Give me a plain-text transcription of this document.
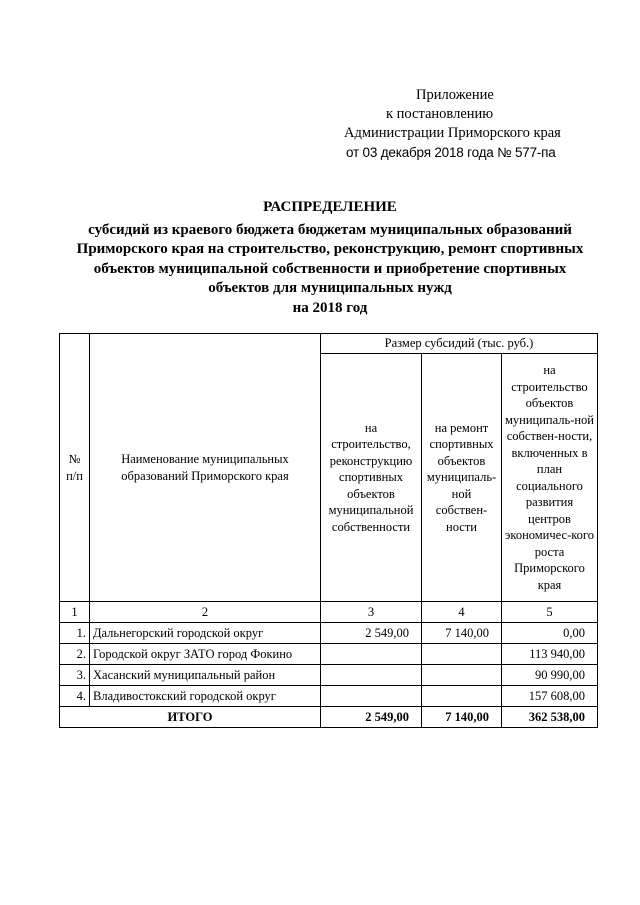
Приложение
к постановлению
Администрации Приморского края
от 03 декабря 2018 года № 577-па
РАСПРЕДЕЛЕНИЕ
субсидий из краевого бюджета бюджетам муниципальных образований
Приморского края на строительство, реконструкцию, ремонт спортивных
объектов муниципальной собственности и приобретение спортивных
объектов для муниципальных нужд
на 2018 год
№ п/п	Наименование муниципальных образований Приморского края	Размер субсидий (тыс. руб.)		
		на строительство, реконструкцию спортивных объектов муниципальной собственности	на ремонт спортивных объектов муниципаль-ной собствен-ности	на строительство объектов муниципаль-ной собствен-ности, включенных в план социального развития центров экономичес-кого роста Приморского края
1	2	3	4	5
1.	Дальнегорский городской округ	2 549,00	7 140,00	0,00
2.	Городской округ ЗАТО город Фокино			113 940,00
3.	Хасанский муниципальный район			90 990,00
4.	Владивостокский городской округ			157 608,00
ИТОГО		2 549,00	7 140,00	362 538,00
